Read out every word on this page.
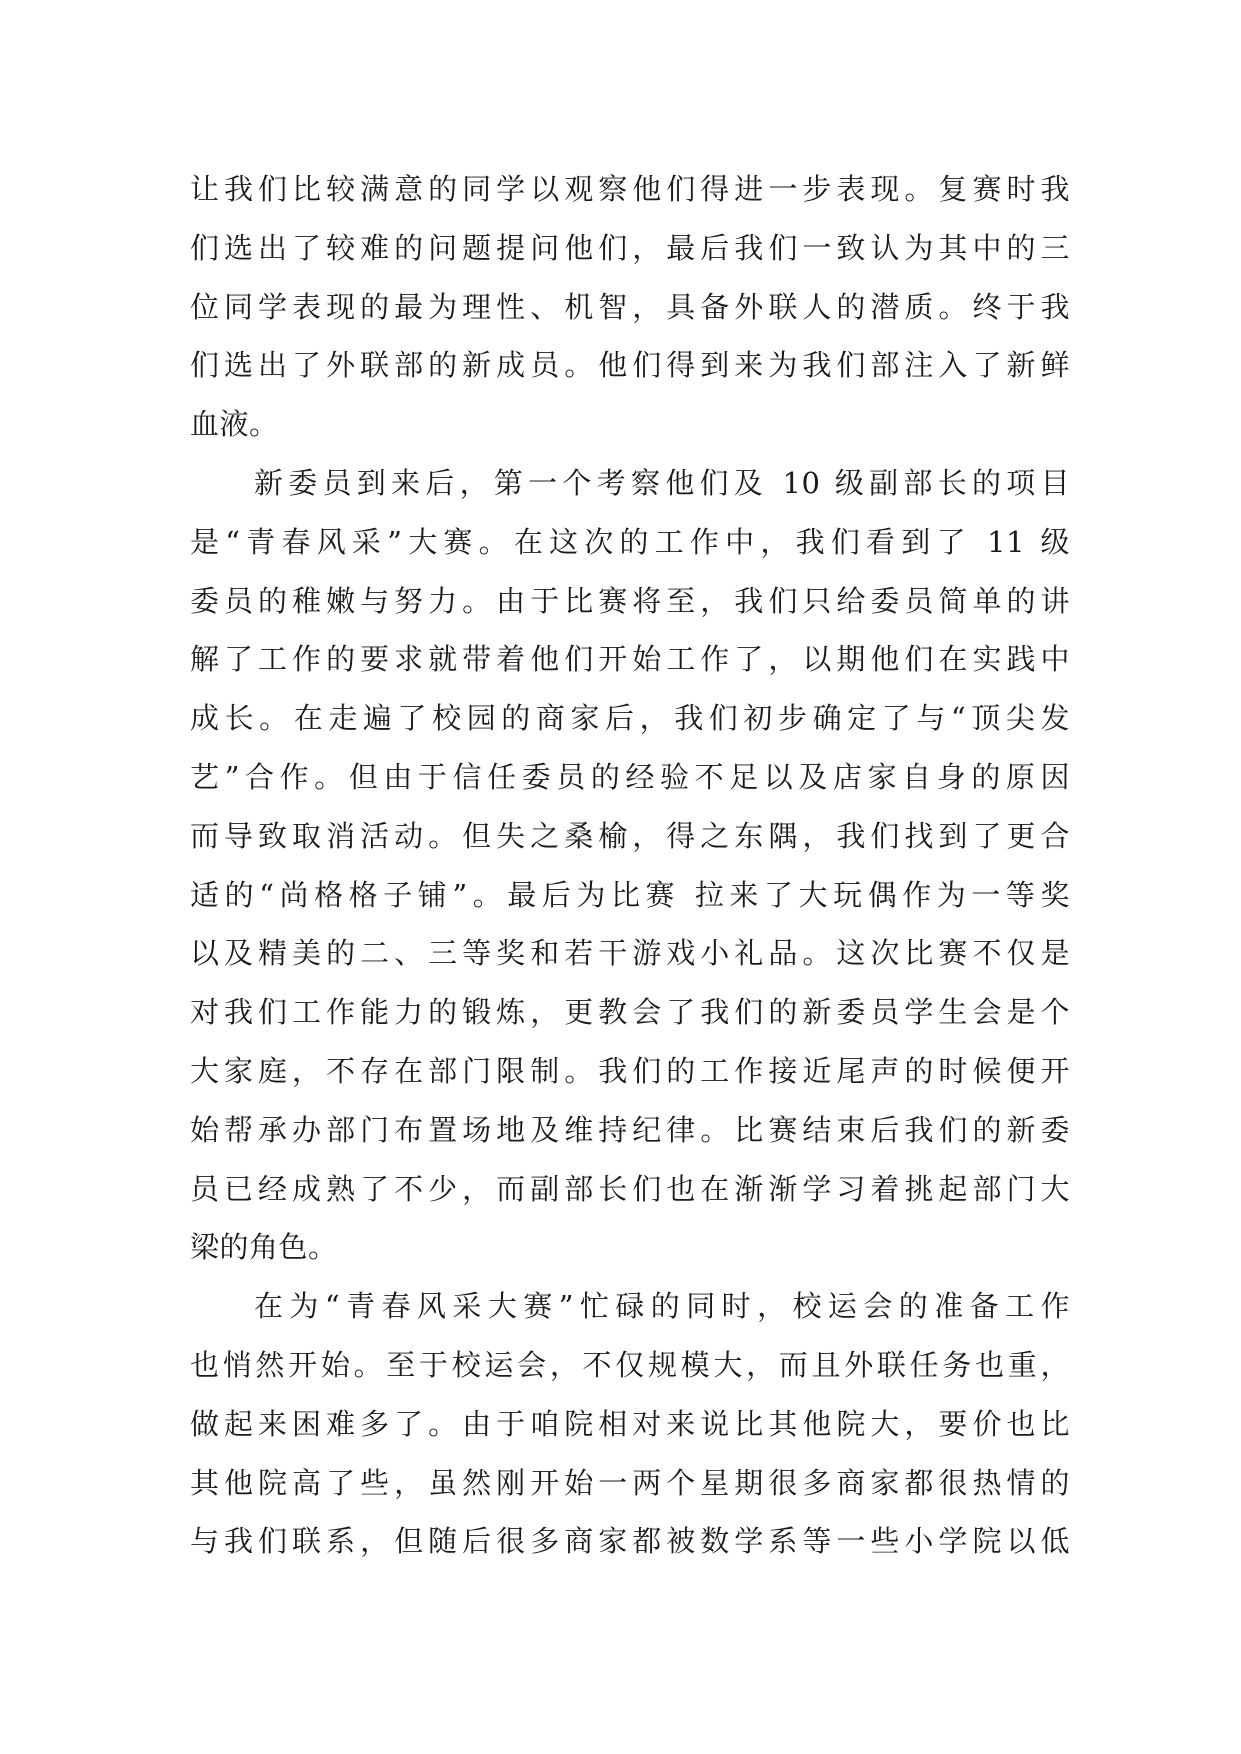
让我们比较满意的同学以观察他们得进一步表现。复赛时我
们选出了较难的问题提问他们，最后我们一致认为其中的三
位同学表现的最为理性、机智，具备外联人的潜质。终于我
们选出了外联部的新成员。他们得到来为我们部注入了新鲜
血液。
新委员到来后，第一个考察他们及 10 级副部长的项目
是“青春风采”大赛。在这次的工作中，我们看到了 11 级
委员的稚嫩与努力。由于比赛将至，我们只给委员简单的讲
解了工作的要求就带着他们开始工作了，以期他们在实践中
成长。在走遍了校园的商家后，我们初步确定了与“顶尖发
艺”合作。但由于信任委员的经验不足以及店家自身的原因
而导致取消活动。但失之桑榆，得之东隅，我们找到了更合
适的“尚格格子铺”。最后为比赛 拉来了大玩偶作为一等奖
以及精美的二、三等奖和若干游戏小礼品。这次比赛不仅是
对我们工作能力的锻炼，更教会了我们的新委员学生会是个
大家庭，不存在部门限制。我们的工作接近尾声的时候便开
始帮承办部门布置场地及维持纪律。比赛结束后我们的新委
员已经成熟了不少，而副部长们也在渐渐学习着挑起部门大
梁的角色。
在为“青春风采大赛”忙碌的同时，校运会的准备工作
也悄然开始。至于校运会，不仅规模大，而且外联任务也重，
做起来困难多了。由于咱院相对来说比其他院大，要价也比
其他院高了些，虽然刚开始一两个星期很多商家都很热情的
与我们联系，但随后很多商家都被数学系等一些小学院以低
